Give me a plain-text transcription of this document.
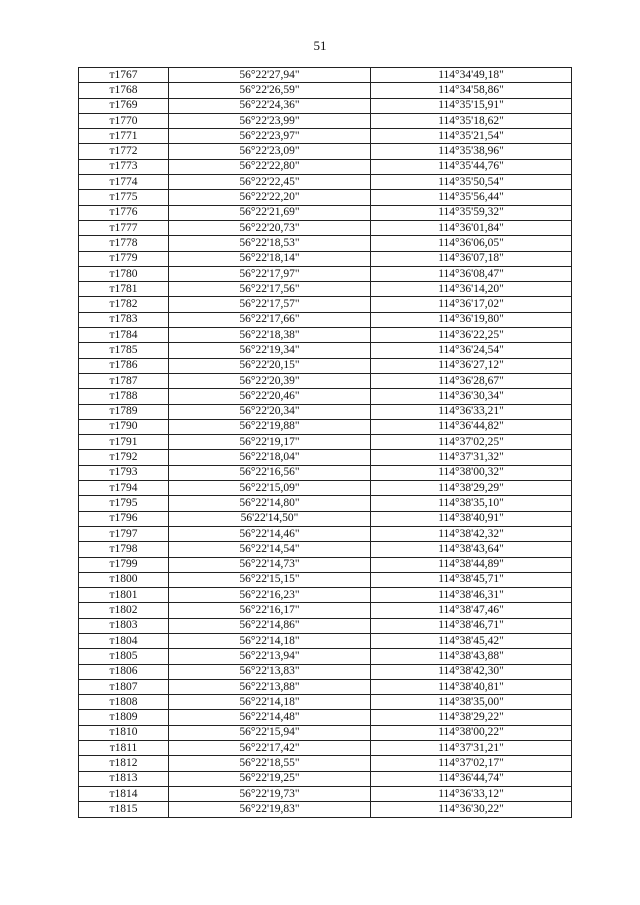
51
т1767	56°22'27,94"	114°34'49,18"
т1768	56°22'26,59"	114°34'58,86"
т1769	56°22'24,36"	114°35'15,91"
т1770	56°22'23,99"	114°35'18,62"
т1771	56°22'23,97"	114°35'21,54"
т1772	56°22'23,09"	114°35'38,96"
т1773	56°22'22,80"	114°35'44,76"
т1774	56°22'22,45"	114°35'50,54"
т1775	56°22'22,20"	114°35'56,44"
т1776	56°22'21,69"	114°35'59,32"
т1777	56°22'20,73"	114°36'01,84"
т1778	56°22'18,53"	114°36'06,05"
т1779	56°22'18,14"	114°36'07,18"
т1780	56°22'17,97"	114°36'08,47"
т1781	56°22'17,56"	114°36'14,20"
т1782	56°22'17,57"	114°36'17,02"
т1783	56°22'17,66"	114°36'19,80"
т1784	56°22'18,38"	114°36'22,25"
т1785	56°22'19,34"	114°36'24,54"
т1786	56°22'20,15"	114°36'27,12"
т1787	56°22'20,39"	114°36'28,67"
т1788	56°22'20,46"	114°36'30,34"
т1789	56°22'20,34"	114°36'33,21"
т1790	56°22'19,88"	114°36'44,82"
т1791	56°22'19,17"	114°37'02,25"
т1792	56°22'18,04"	114°37'31,32"
т1793	56°22'16,56"	114°38'00,32"
т1794	56°22'15,09"	114°38'29,29"
т1795	56°22'14,80"	114°38'35,10"
т1796	56'22'14,50"	114°38'40,91"
т1797	56°22'14,46"	114°38'42,32"
т1798	56°22'14,54"	114°38'43,64"
т1799	56°22'14,73"	114°38'44,89"
т1800	56°22'15,15"	114°38'45,71"
т1801	56°22'16,23"	114°38'46,31"
т1802	56°22'16,17"	114°38'47,46"
т1803	56°22'14,86"	114°38'46,71"
т1804	56°22'14,18"	114°38'45,42"
т1805	56°22'13,94"	114°38'43,88"
т1806	56°22'13,83"	114°38'42,30"
т1807	56°22'13,88"	114°38'40,81"
т1808	56°22'14,18"	114°38'35,00"
т1809	56°22'14,48"	114°38'29,22"
т1810	56°22'15,94"	114°38'00,22"
т1811	56°22'17,42"	114°37'31,21"
т1812	56°22'18,55"	114°37'02,17"
т1813	56°22'19,25"	114°36'44,74"
т1814	56°22'19,73"	114°36'33,12"
т1815	56°22'19,83"	114°36'30,22"
